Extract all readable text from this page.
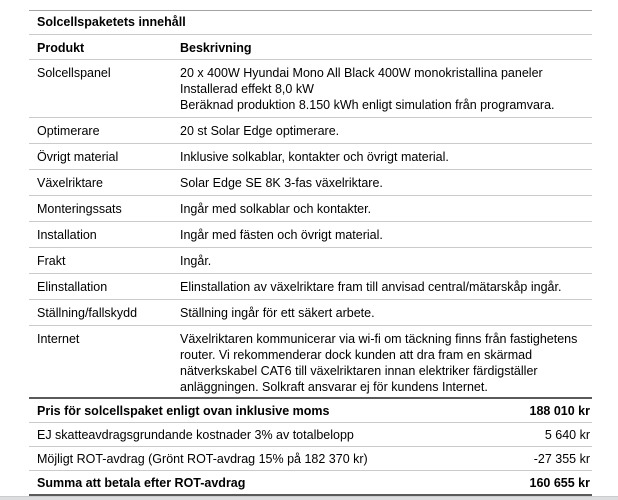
Solcellspaketets innehåll
Produkt	Beskrivning
Solcellspanel	20 x 400W Hyundai Mono All Black 400W monokristallina paneler
Installerad effekt 8,0 kW
Beräknad produktion 8.150 kWh enligt simulation från programvara.
Optimerare	20 st Solar Edge optimerare.
Övrigt material	Inklusive solkablar, kontakter och övrigt material.
Växelriktare	Solar Edge SE 8K 3-fas växelriktare.
Monteringssats	Ingår med solkablar och kontakter.
Installation	Ingår med fästen och övrigt material.
Frakt	Ingår.
Elinstallation	Elinstallation av växelriktare fram till anvisad central/mätarskåp ingår.
Ställning/fallskydd	Ställning ingår för ett säkert arbete.
Internet	Växelriktaren kommunicerar via wi-fi om täckning finns från fastighetens
router. Vi rekommenderar dock kunden att dra fram en skärmad
nätverkskabel CAT6 till växelriktaren innan elektriker färdigställer
anläggningen. Solkraft ansvarar ej för kundens Internet.
Pris för solcellspaket enligt ovan inklusive moms	188 010 kr
EJ skatteavdragsgrundande kostnader 3% av totalbelopp	5 640 kr
Möjligt ROT-avdrag (Grönt ROT-avdrag 15% på 182 370 kr)	-27 355 kr
Summa att betala efter ROT-avdrag	160 655 kr
